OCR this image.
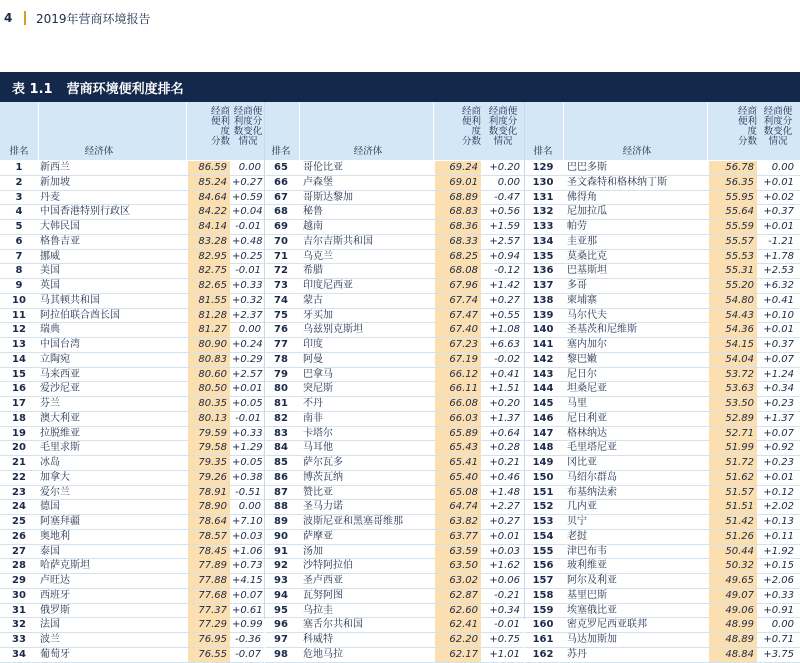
4	2019年营商环境报告
表 1.1 营商环境便利度排名
排名	经济体
经商
便利
度
分数
经商便
利度分
数变化
情况
1	新西兰	86.59	0.00
2	新加坡	85.24 +0.27
3	丹麦	84.64 +0.59
4	中国香港特别行政区	84.22 +0.04
5	大韩民国	84.14 -0.01
6	格鲁吉亚	83.28 +0.48
7	挪威	82.95 +0.25
8	美国	82.75 -0.01
9	英国	82.65 +0.33
10	马其顿共和国	81.55 +0.32
11	阿拉伯联合酋长国	81.28 +2.37
12	瑞典	81.27	0.00
13	中国台湾	80.90 +0.24
14	立陶宛	80.83 +0.29
15	马来西亚	80.60 +2.57
16	爱沙尼亚	80.50 +0.01
17	芬兰	80.35 +0.05
18	澳大利亚	80.13 -0.01
19	拉脱维亚	79.59 +0.33
20	毛里求斯	79.58 +1.29
21	冰岛	79.35 +0.05
22	加拿大	79.26 +0.38
23	爱尔兰	78.91 -0.51
24	德国	78.90	0.00
25	阿塞拜疆	78.64 +7.10
26	奥地利	78.57 +0.03
27	泰国	78.45 +1.06
28	哈萨克斯坦	77.89 +0.73
29	卢旺达	77.88 +4.15
30	西班牙	77.68 +0.07
31	俄罗斯	77.37 +0.61
32	法国	77.29 +0.99
33	波兰	76.95 -0.36
34	葡萄牙	76.55 -0.07
排名	经济体
经商
便利
度
分数
经商便
利度分
数变化
情况
65	哥伦比亚	69.24	+0.20
66	卢森堡	69.01	0.00
67	哥斯达黎加	68.89	-0.47
68	秘鲁	68.83	+0.56
69	越南	68.36	+1.59
70	吉尔吉斯共和国	68.33	+2.57
71	乌克兰	68.25	+0.94
72	希腊	68.08	-0.12
73	印度尼西亚	67.96	+1.42
74	蒙古	67.74	+0.27
75	牙买加	67.47	+0.55
76	乌兹别克斯坦	67.40	+1.08
77	印度	67.23	+6.63
78	阿曼	67.19	-0.02
79	巴拿马	66.12	+0.41
80	突尼斯	66.11	+1.51
81	不丹	66.08	+0.20
82	南非	66.03	+1.37
83	卡塔尔	65.89	+0.64
84	马耳他	65.43	+0.28
85	萨尔瓦多	65.41	+0.21
86	博茨瓦纳	65.40	+0.46
87	赞比亚	65.08	+1.48
88	圣马力诺	64.74	+2.27
89	波斯尼亚和黑塞哥维那	63.82	+0.27
90	萨摩亚	63.77	+0.01
91	汤加	63.59	+0.03
92	沙特阿拉伯	63.50	+1.62
93	圣卢西亚	63.02	+0.06
94	瓦努阿图	62.87	-0.21
95	乌拉圭	62.60	+0.34
96	塞舌尔共和国	62.41	-0.01
97	科威特	62.20	+0.75
98	危地马拉	62.17	+1.01
排名	经济体
经商
便利
度
分数
经商便
利度分
数变化
情况
129	巴巴多斯	56.78	0.00
130	圣文森特和格林纳丁斯	56.35 +0.01
131	佛得角	55.95 +0.02
132	尼加拉瓜	55.64 +0.37
133	帕劳	55.59 +0.01
134	圭亚那	55.57	-1.21
135	莫桑比克	55.53 +1.78
136	巴基斯坦	55.31 +2.53
137	多哥	55.20 +6.32
138	柬埔寨	54.80 +0.41
139	马尔代夫	54.43 +0.10
140	圣基茨和尼维斯	54.36 +0.01
141	塞内加尔	54.15 +0.37
142	黎巴嫩	54.04 +0.07
143	尼日尔	53.72 +1.24
144	坦桑尼亚	53.63 +0.34
145	马里	53.50 +0.23
146	尼日利亚	52.89 +1.37
147	格林纳达	52.71 +0.07
148	毛里塔尼亚	51.99 +0.92
149	冈比亚	51.72 +0.23
150	马绍尔群岛	51.62 +0.01
151	布基纳法索	51.57 +0.12
152	几内亚	51.51 +2.02
153	贝宁	51.42 +0.13
154	老挝	51.26 +0.11
155	津巴布韦	50.44 +1.92
156	玻利维亚	50.32 +0.15
157	阿尔及利亚	49.65 +2.06
158	基里巴斯	49.07 +0.33
159	埃塞俄比亚	49.06 +0.91
160	密克罗尼西亚联邦	48.99	0.00
161	马达加斯加	48.89 +0.71
162	苏丹	48.84 +3.75
